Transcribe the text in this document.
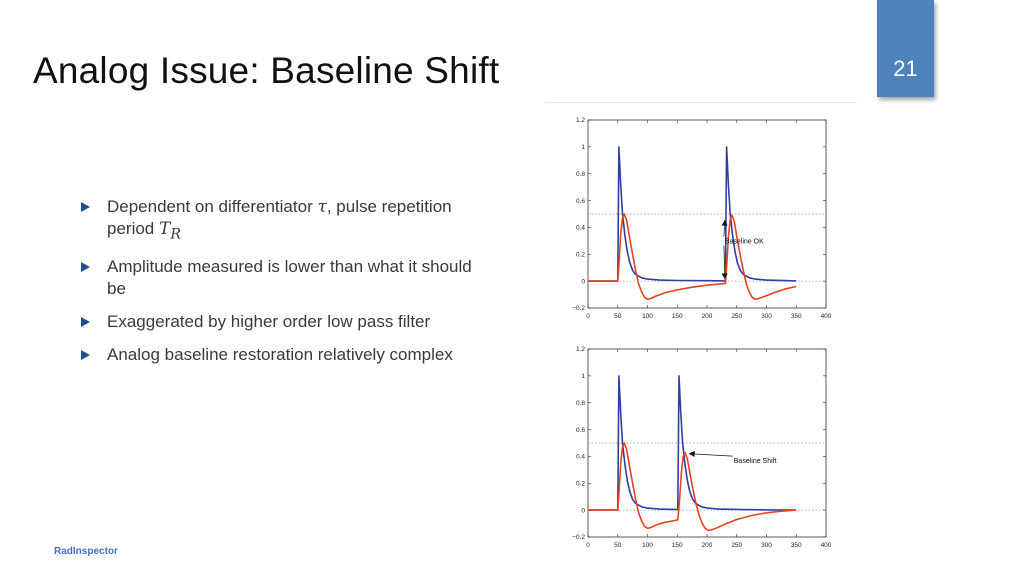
Analog Issue: Baseline Shift	21
Dependent on differentiator τ, pulse repetition period $T_R$
Amplitude measured is lower than what it should be
Exaggerated by higher order low pass filter
Analog baseline restoration relatively complex
0	50	100	150	200	250	300	350	400
−0.2
0
0.2
0.4
0.6
0.8
1
1.2
Baseline OK
0	50	100	150	200	250	300	350	400
−0.2
0
0.2
0.4
0.6
0.8
1
1.2
Baseline Shift
RadInspector
